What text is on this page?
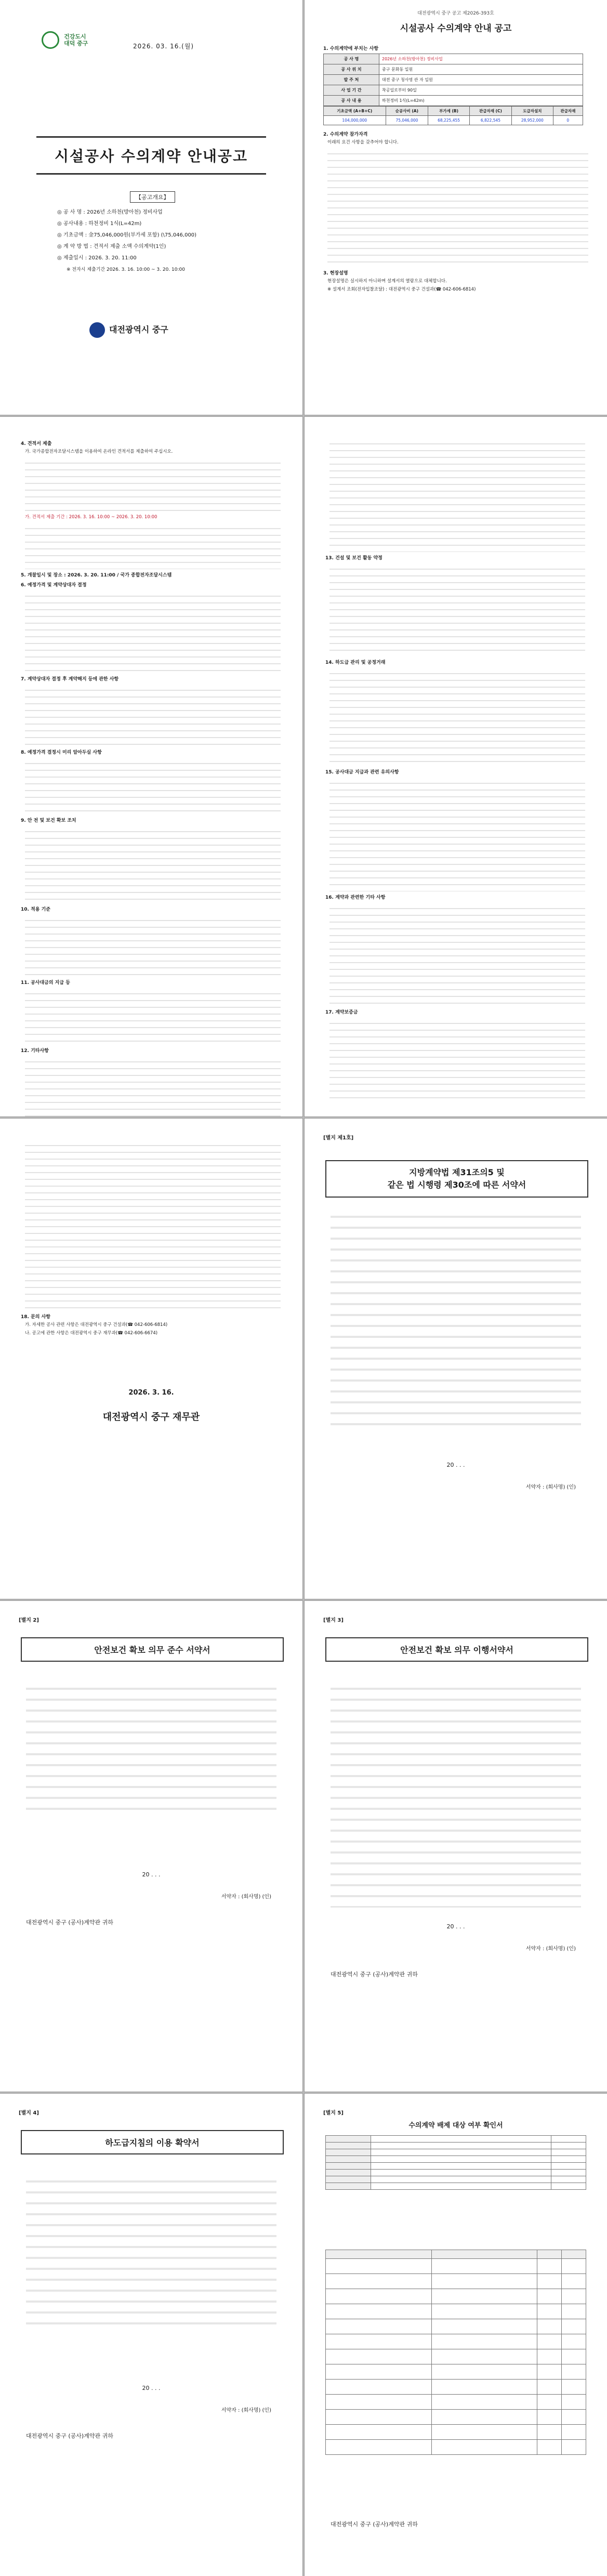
건강도시
대덕 중구	2026. 03. 16.(월)
시설공사 수의계약 안내공고
【공고개요】
◎ 공 사 명 : 2026년 소하천(방아천) 정비사업
◎ 공사내용 : 하천정비 1식(L=42m)
◎ 기초금액 : 金75,046,000원(부가세 포함) (\75,046,000)
◎ 계 약 방 법 : 견적서 제출 소액 수의계약(1인)
◎ 제출일시 : 2026. 3. 20. 11:00
※ 전자시 제출기간 2026. 3. 16. 10:00 ~ 3. 20. 10:00
대전광역시 중구
대전광역시 중구 공고 제2026-393호
시설공사 수의계약 안내 공고
1. 수의계약에 부치는 사항
공 사 명	2026년 소하천(방아천) 정비사업
공 사 위 치	중구 문화동 일원
발 주 처	대전 중구 청사영 관 자 일원
사 업 기 간	착공일로부터 90일
공 사 내 용	하천정비 1식(L=42m)
기초금액 (A+B+C)	순공사비 (A)	부가세 (B)	관급자재 (C)	도급자설치	관급자재
104,000,000	75,046,000	68,225,455	6,822,545	28,952,000	0
2. 수의계약 참가자격
이래의 요건 사항을 갖추어야 합니다.
3. 현장설명
현장설명은 실시하지 아니하며 설계서의 열람으로 대체합니다.
※ 설계서 조회(전자입찰조달) : 대전광역시 중구 건설과(☎ 042-606-6814)
4. 견적서 제출
가. 국가종합전자조달시스템을 이용하여 온라인 견적서를 제출하여 주십시오.
가. 견적서 제출 기간 : 2026. 3. 16. 10:00 ~ 2026. 3. 20. 10:00
5. 개찰일시 및 장소 : 2026. 3. 20. 11:00 / 국가 종합전자조달시스템
6. 예정가격 및 계약상대자 결정
7. 계약상대자 결정 후 계약해지 등에 관한 사항
8. 예정가격 결정시 미리 알아두실 사항
9. 안 전 및 보건 확보 조치
10. 적용 기준
11. 공사대금의 지급 등
12. 기타사항
13. 건설 및 보건 활동 약정
14. 하도급 관리 및 공정거래
15. 공사대금 지급과 관련 유의사항
16. 계약과 관련한 기타 사항
17. 계약보증금
18. 문의 사항
가. 자세한 공사 관련 사항은 대전광역시 중구 건설과(☎ 042-606-6814)
나. 공고에 관한 사항은 대전광역시 중구 재무과(☎ 042-606-6674)
2026. 3. 16.
대전광역시 중구 재무관
[별지 제1호]
지방계약법 제31조의5 및
같은 법 시행령 제30조에 따른 서약서
20 . . .
서약자 : (회사명) (인)
[별지 2]
안전보건 확보 의무 준수 서약서
20 . . .
서약자 : (회사명) (인)
대전광역시 중구 (공사)계약관 귀하
[별지 3]
안전보건 확보 의무 이행서약서
20 . . .
서약자 : (회사명) (인)
대전광역시 중구 (공사)계약관 귀하
[별지 4]
하도급지침의 이용 확약서
20 . . .
서약자 : (회사명) (인)
대전광역시 중구 (공사)계약관 귀하
[별지 5]
수의계약 배제 대상 여부 확인서

대전광역시 중구 (공사)계약관 귀하
